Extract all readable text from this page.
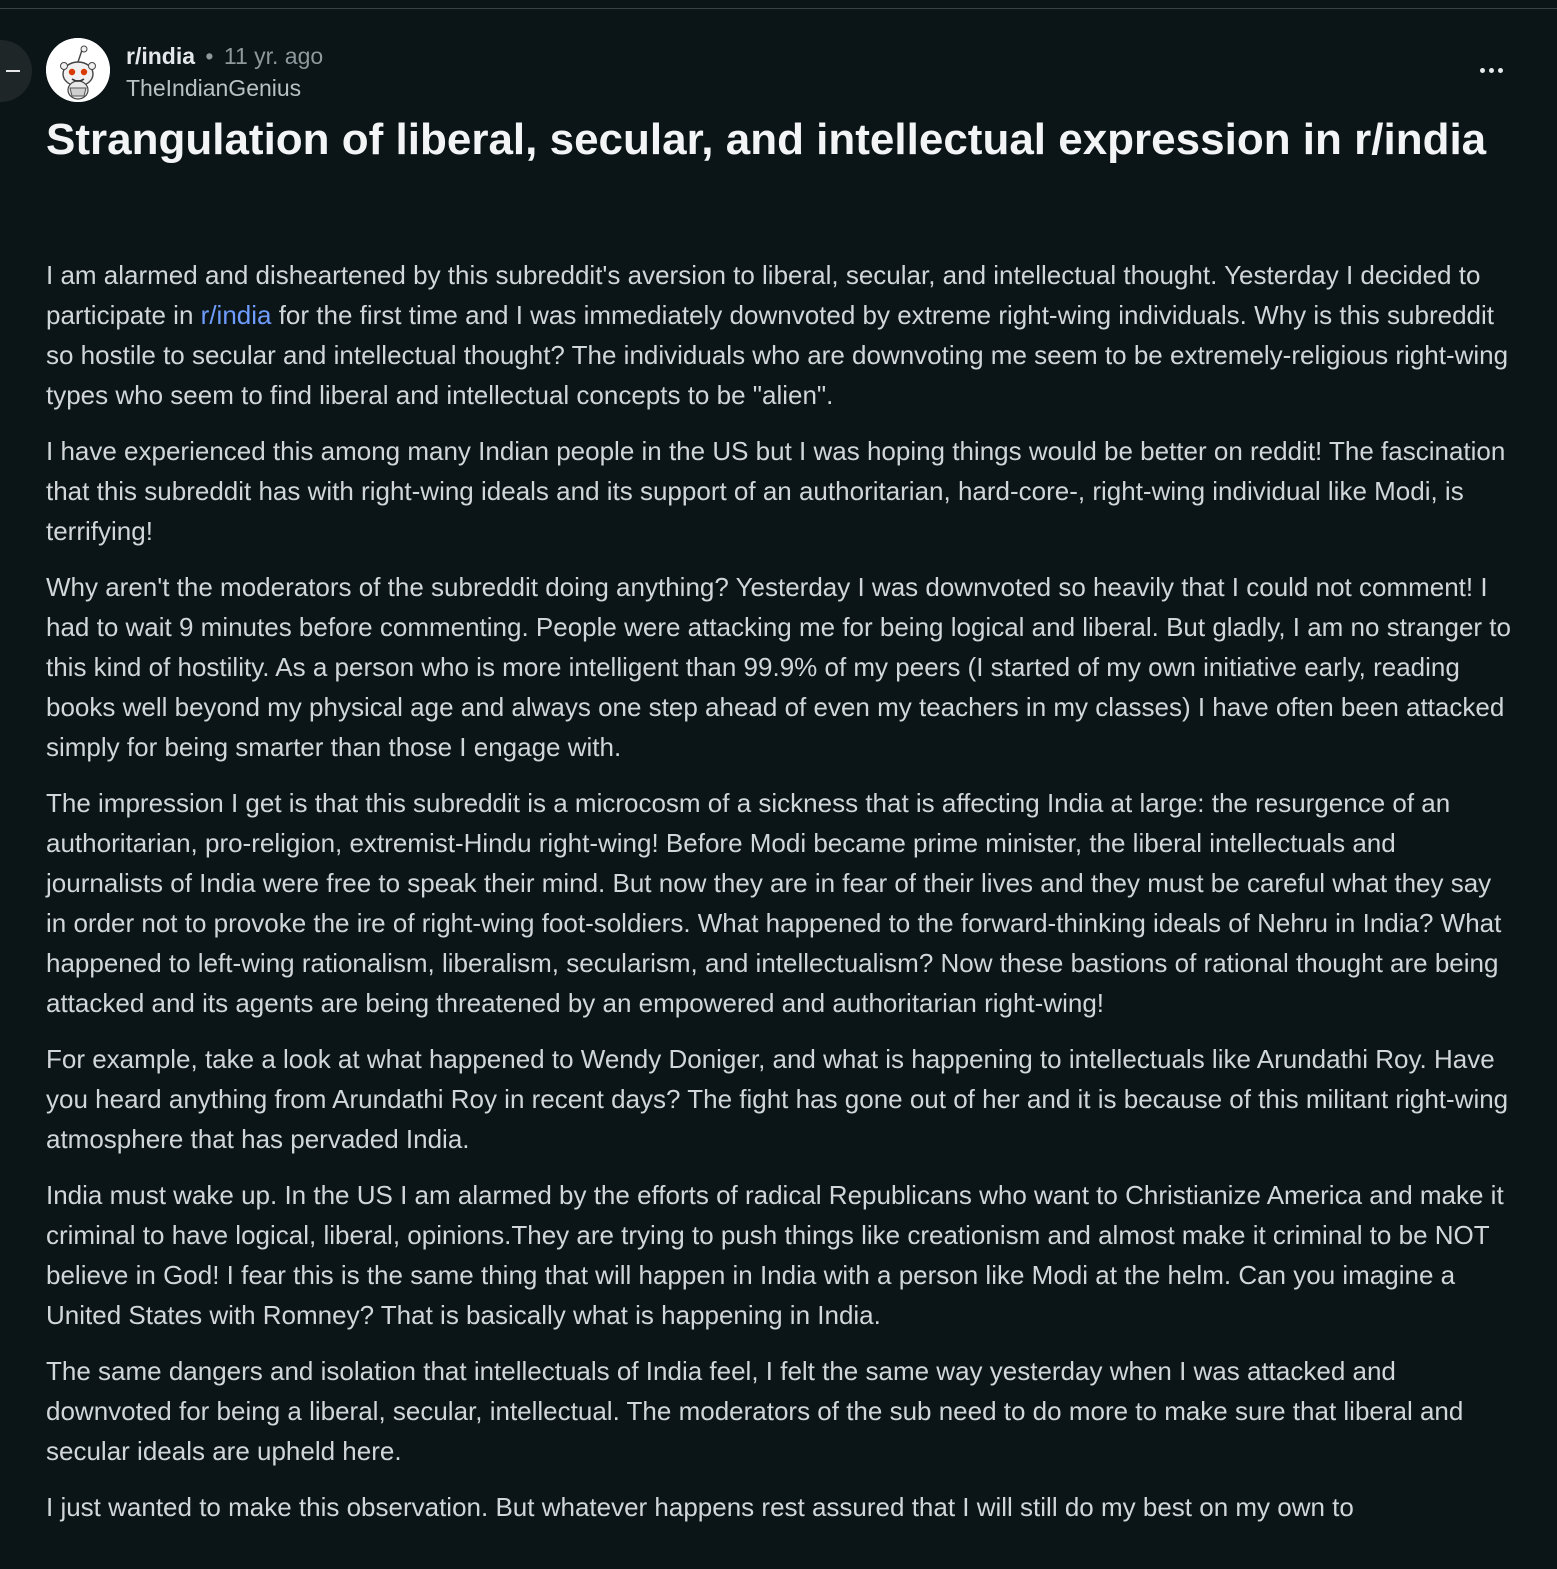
r/india • 11 yr. ago
TheIndianGenius
Strangulation of liberal, secular, and intellectual expression in r/india

I am alarmed and disheartened by this subreddit's aversion to liberal, secular, and intellectual thought. Yesterday I decided to participate in r/india for the first time and I was immediately downvoted by extreme right-wing individuals. Why is this subreddit so hostile to secular and intellectual thought? The individuals who are downvoting me seem to be extremely-religious right-wing types who seem to find liberal and intellectual concepts to be "alien".

I have experienced this among many Indian people in the US but I was hoping things would be better on reddit! The fascination that this subreddit has with right-wing ideals and its support of an authoritarian, hard-core-, right-wing individual like Modi, is terrifying!

Why aren't the moderators of the subreddit doing anything? Yesterday I was downvoted so heavily that I could not comment! I had to wait 9 minutes before commenting. People were attacking me for being logical and liberal. But gladly, I am no stranger to this kind of hostility. As a person who is more intelligent than 99.9% of my peers (I started of my own initiative early, reading books well beyond my physical age and always one step ahead of even my teachers in my classes) I have often been attacked simply for being smarter than those I engage with.

The impression I get is that this subreddit is a microcosm of a sickness that is affecting India at large: the resurgence of an authoritarian, pro-religion, extremist-Hindu right-wing! Before Modi became prime minister, the liberal intellectuals and journalists of India were free to speak their mind. But now they are in fear of their lives and they must be careful what they say in order not to provoke the ire of right-wing foot-soldiers. What happened to the forward-thinking ideals of Nehru in India? What happened to left-wing rationalism, liberalism, secularism, and intellectualism? Now these bastions of rational thought are being attacked and its agents are being threatened by an empowered and authoritarian right-wing!

For example, take a look at what happened to Wendy Doniger, and what is happening to intellectuals like Arundathi Roy. Have you heard anything from Arundathi Roy in recent days? The fight has gone out of her and it is because of this militant right-wing atmosphere that has pervaded India.

India must wake up. In the US I am alarmed by the efforts of radical Republicans who want to Christianize America and make it criminal to have logical, liberal, opinions.They are trying to push things like creationism and almost make it criminal to be NOT believe in God! I fear this is the same thing that will happen in India with a person like Modi at the helm. Can you imagine a United States with Romney? That is basically what is happening in India.

The same dangers and isolation that intellectuals of India feel, I felt the same way yesterday when I was attacked and downvoted for being a liberal, secular, intellectual. The moderators of the sub need to do more to make sure that liberal and secular ideals are upheld here.

I just wanted to make this observation. But whatever happens rest assured that I will still do my best on my own to
